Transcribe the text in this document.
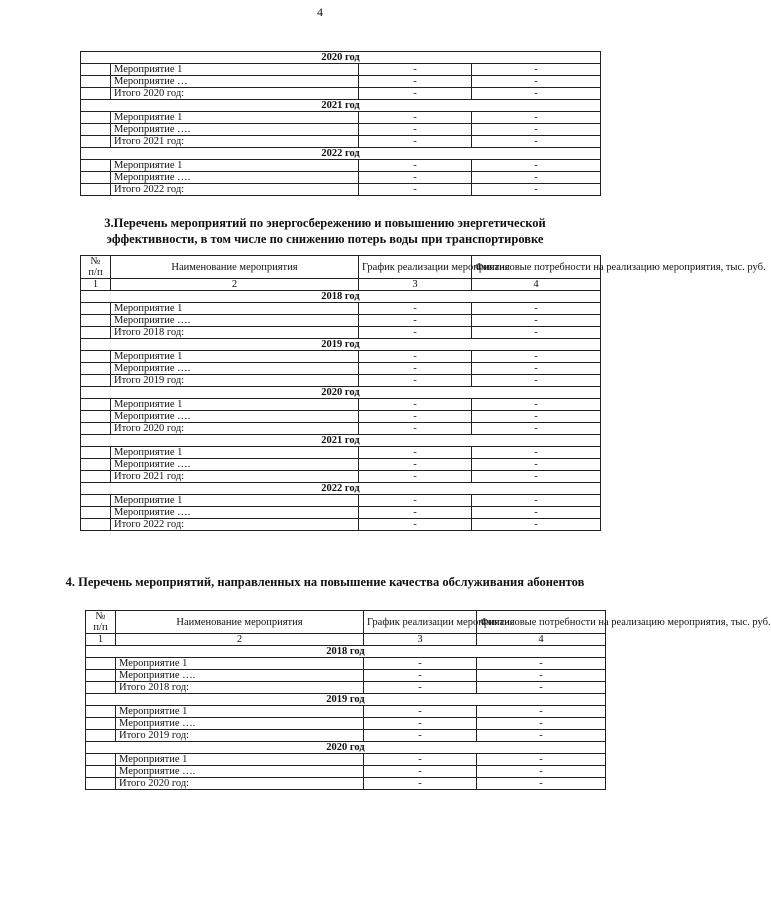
4
2020 год			
	Мероприятие 1	-	-
	Мероприятие …	-	-
	Итого 2020 год:	-	-
2021 год			
	Мероприятие 1	-	-
	Мероприятие ….	-	-
	Итого 2021 год:	-	-
2022 год			
	Мероприятие 1	-	-
	Мероприятие ….	-	-
	Итого 2022 год:	-	-
3.Перечень мероприятий по энергосбережению и повышению энергетической эффективности, в том числе по снижению потерь воды при транспортировке
№
п/п	Наименование мероприятия	График реализации мероприятия	Финансовые потребности на реализацию мероприятия, тыс. руб.
1	2	3	4
2018 год			
	Мероприятие 1	-	-
	Мероприятие ….	-	-
	Итого 2018 год:	-	-
2019 год			
	Мероприятие 1	-	-
	Мероприятие ….	-	-
	Итого 2019 год:	-	-
2020 год			
	Мероприятие 1	-	-
	Мероприятие ….	-	-
	Итого 2020 год:	-	-
2021 год			
	Мероприятие 1	-	-
	Мероприятие ….	-	-
	Итого 2021 год:	-	-
2022 год			
	Мероприятие 1	-	-
	Мероприятие ….	-	-
	Итого 2022 год:	-	-
4. Перечень мероприятий, направленных на повышение качества обслуживания абонентов
№
п/п	Наименование мероприятия	График реализации мероприятия	Финансовые потребности на реализацию мероприятия, тыс. руб.
1	2	3	4
2018 год			
	Мероприятие 1	-	-
	Мероприятие ….	-	-
	Итого 2018 год:	-	-
2019 год			
	Мероприятие 1	-	-
	Мероприятие ….	-	-
	Итого 2019 год:	-	-
2020 год			
	Мероприятие 1	-	-
	Мероприятие ….	-	-
	Итого 2020 год:	-	-
